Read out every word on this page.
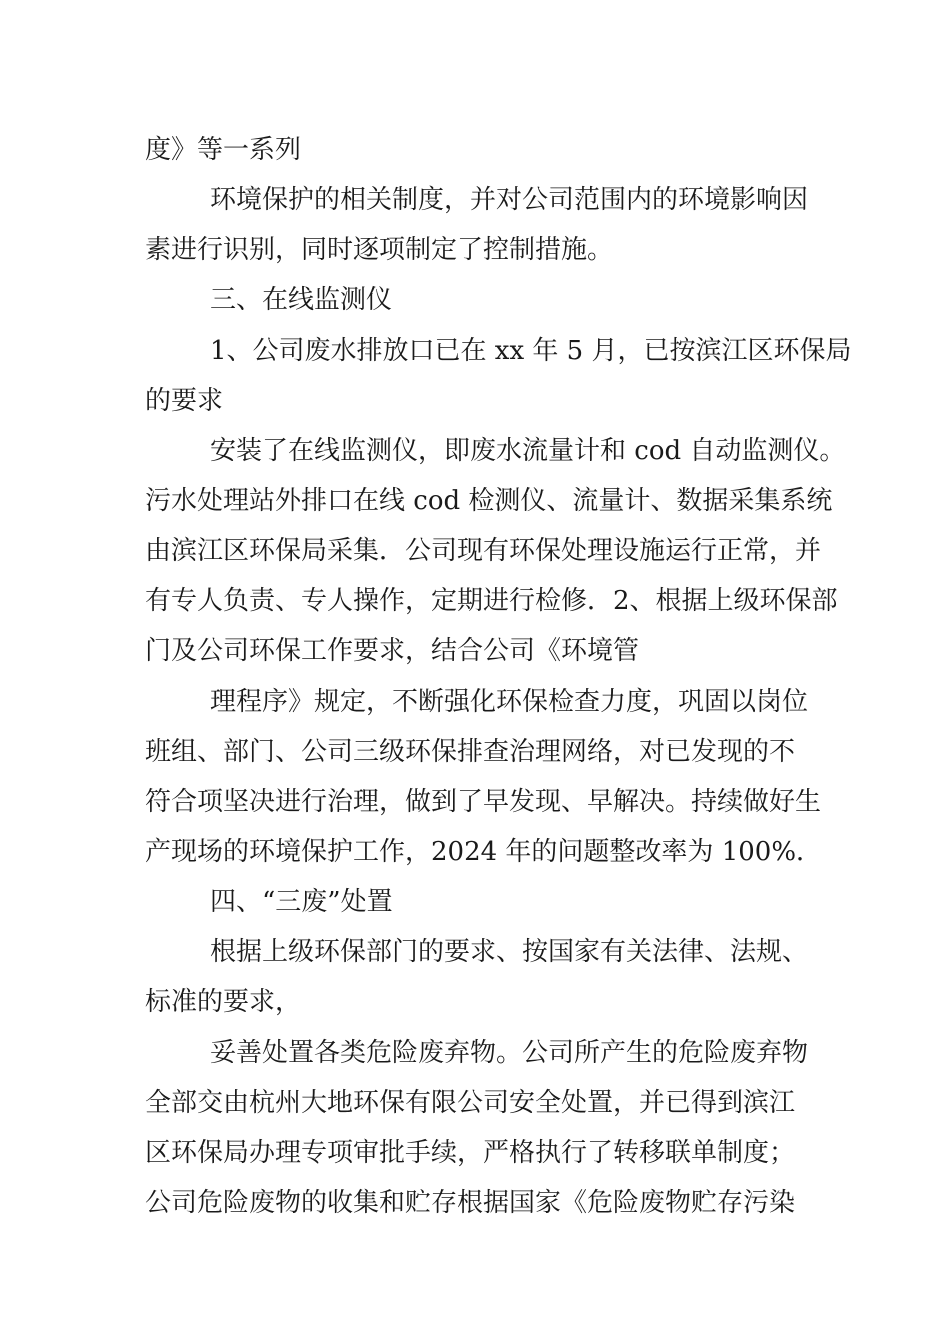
度》等一系列
环境保护的相关制度，并对公司范围内的环境影响因
素进行识别，同时逐项制定了控制措施。
三、在线监测仪
1、公司废水排放口已在 xx 年 5 月，已按滨江区环保局
的要求
安装了在线监测仪，即废水流量计和 cod 自动监测仪。
污水处理站外排口在线 cod 检测仪、流量计、数据采集系统
由滨江区环保局采集．公司现有环保处理设施运行正常，并
有专人负责、专人操作，定期进行检修．2、根据上级环保部
门及公司环保工作要求，结合公司《环境管
理程序》规定，不断强化环保检查力度，巩固以岗位
班组、部门、公司三级环保排查治理网络，对已发现的不
符合项坚决进行治理，做到了早发现、早解决。持续做好生
产现场的环境保护工作，2024 年的问题整改率为 100%．
四、“三废”处置
根据上级环保部门的要求、按国家有关法律、法规、
标准的要求，
妥善处置各类危险废弃物。公司所产生的危险废弃物
全部交由杭州大地环保有限公司安全处置，并已得到滨江
区环保局办理专项审批手续，严格执行了转移联单制度；
公司危险废物的收集和贮存根据国家《危险废物贮存污染
